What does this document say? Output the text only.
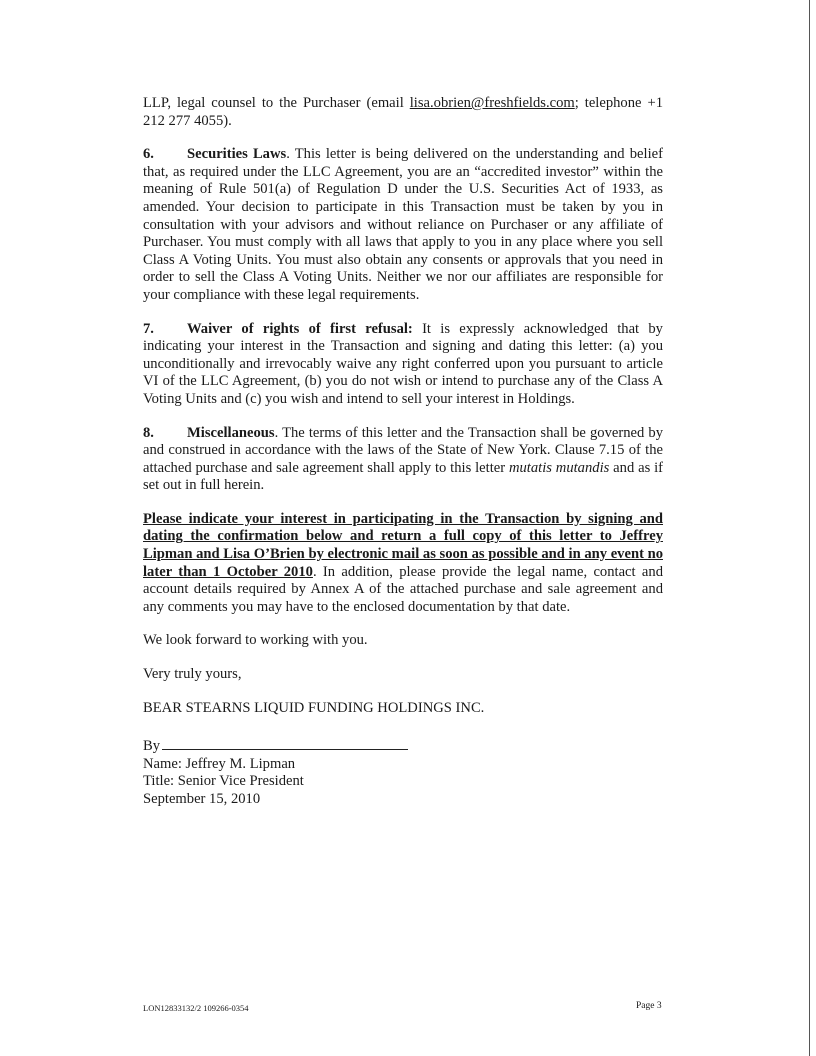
LLP, legal counsel to the Purchaser (email lisa.obrien@freshfields.com; telephone +1 212 277 4055).

6. Securities Laws. This letter is being delivered on the understanding and belief that, as required under the LLC Agreement, you are an “accredited investor” within the meaning of Rule 501(a) of Regulation D under the U.S. Securities Act of 1933, as amended. Your decision to participate in this Transaction must be taken by you in consultation with your advisors and without reliance on Purchaser or any affiliate of Purchaser. You must comply with all laws that apply to you in any place where you sell Class A Voting Units. You must also obtain any consents or approvals that you need in order to sell the Class A Voting Units. Neither we nor our affiliates are responsible for your compliance with these legal requirements.

7. Waiver of rights of first refusal: It is expressly acknowledged that by indicating your interest in the Transaction and signing and dating this letter: (a) you unconditionally and irrevocably waive any right conferred upon you pursuant to article VI of the LLC Agreement, (b) you do not wish or intend to purchase any of the Class A Voting Units and (c) you wish and intend to sell your interest in Holdings.

8. Miscellaneous. The terms of this letter and the Transaction shall be governed by and construed in accordance with the laws of the State of New York. Clause 7.15 of the attached purchase and sale agreement shall apply to this letter mutatis mutandis and as if set out in full herein.

Please indicate your interest in participating in the Transaction by signing and dating the confirmation below and return a full copy of this letter to Jeffrey Lipman and Lisa O’Brien by electronic mail as soon as possible and in any event no later than 1 October 2010. In addition, please provide the legal name, contact and account details required by Annex A of the attached purchase and sale agreement and any comments you may have to the enclosed documentation by that date.

We look forward to working with you.

Very truly yours,

BEAR STEARNS LIQUID FUNDING HOLDINGS INC.

By

Name: Jeffrey M. Lipman

Title: Senior Vice President

September 15, 2010

LON12833132/2 109266-0354	Page 3
